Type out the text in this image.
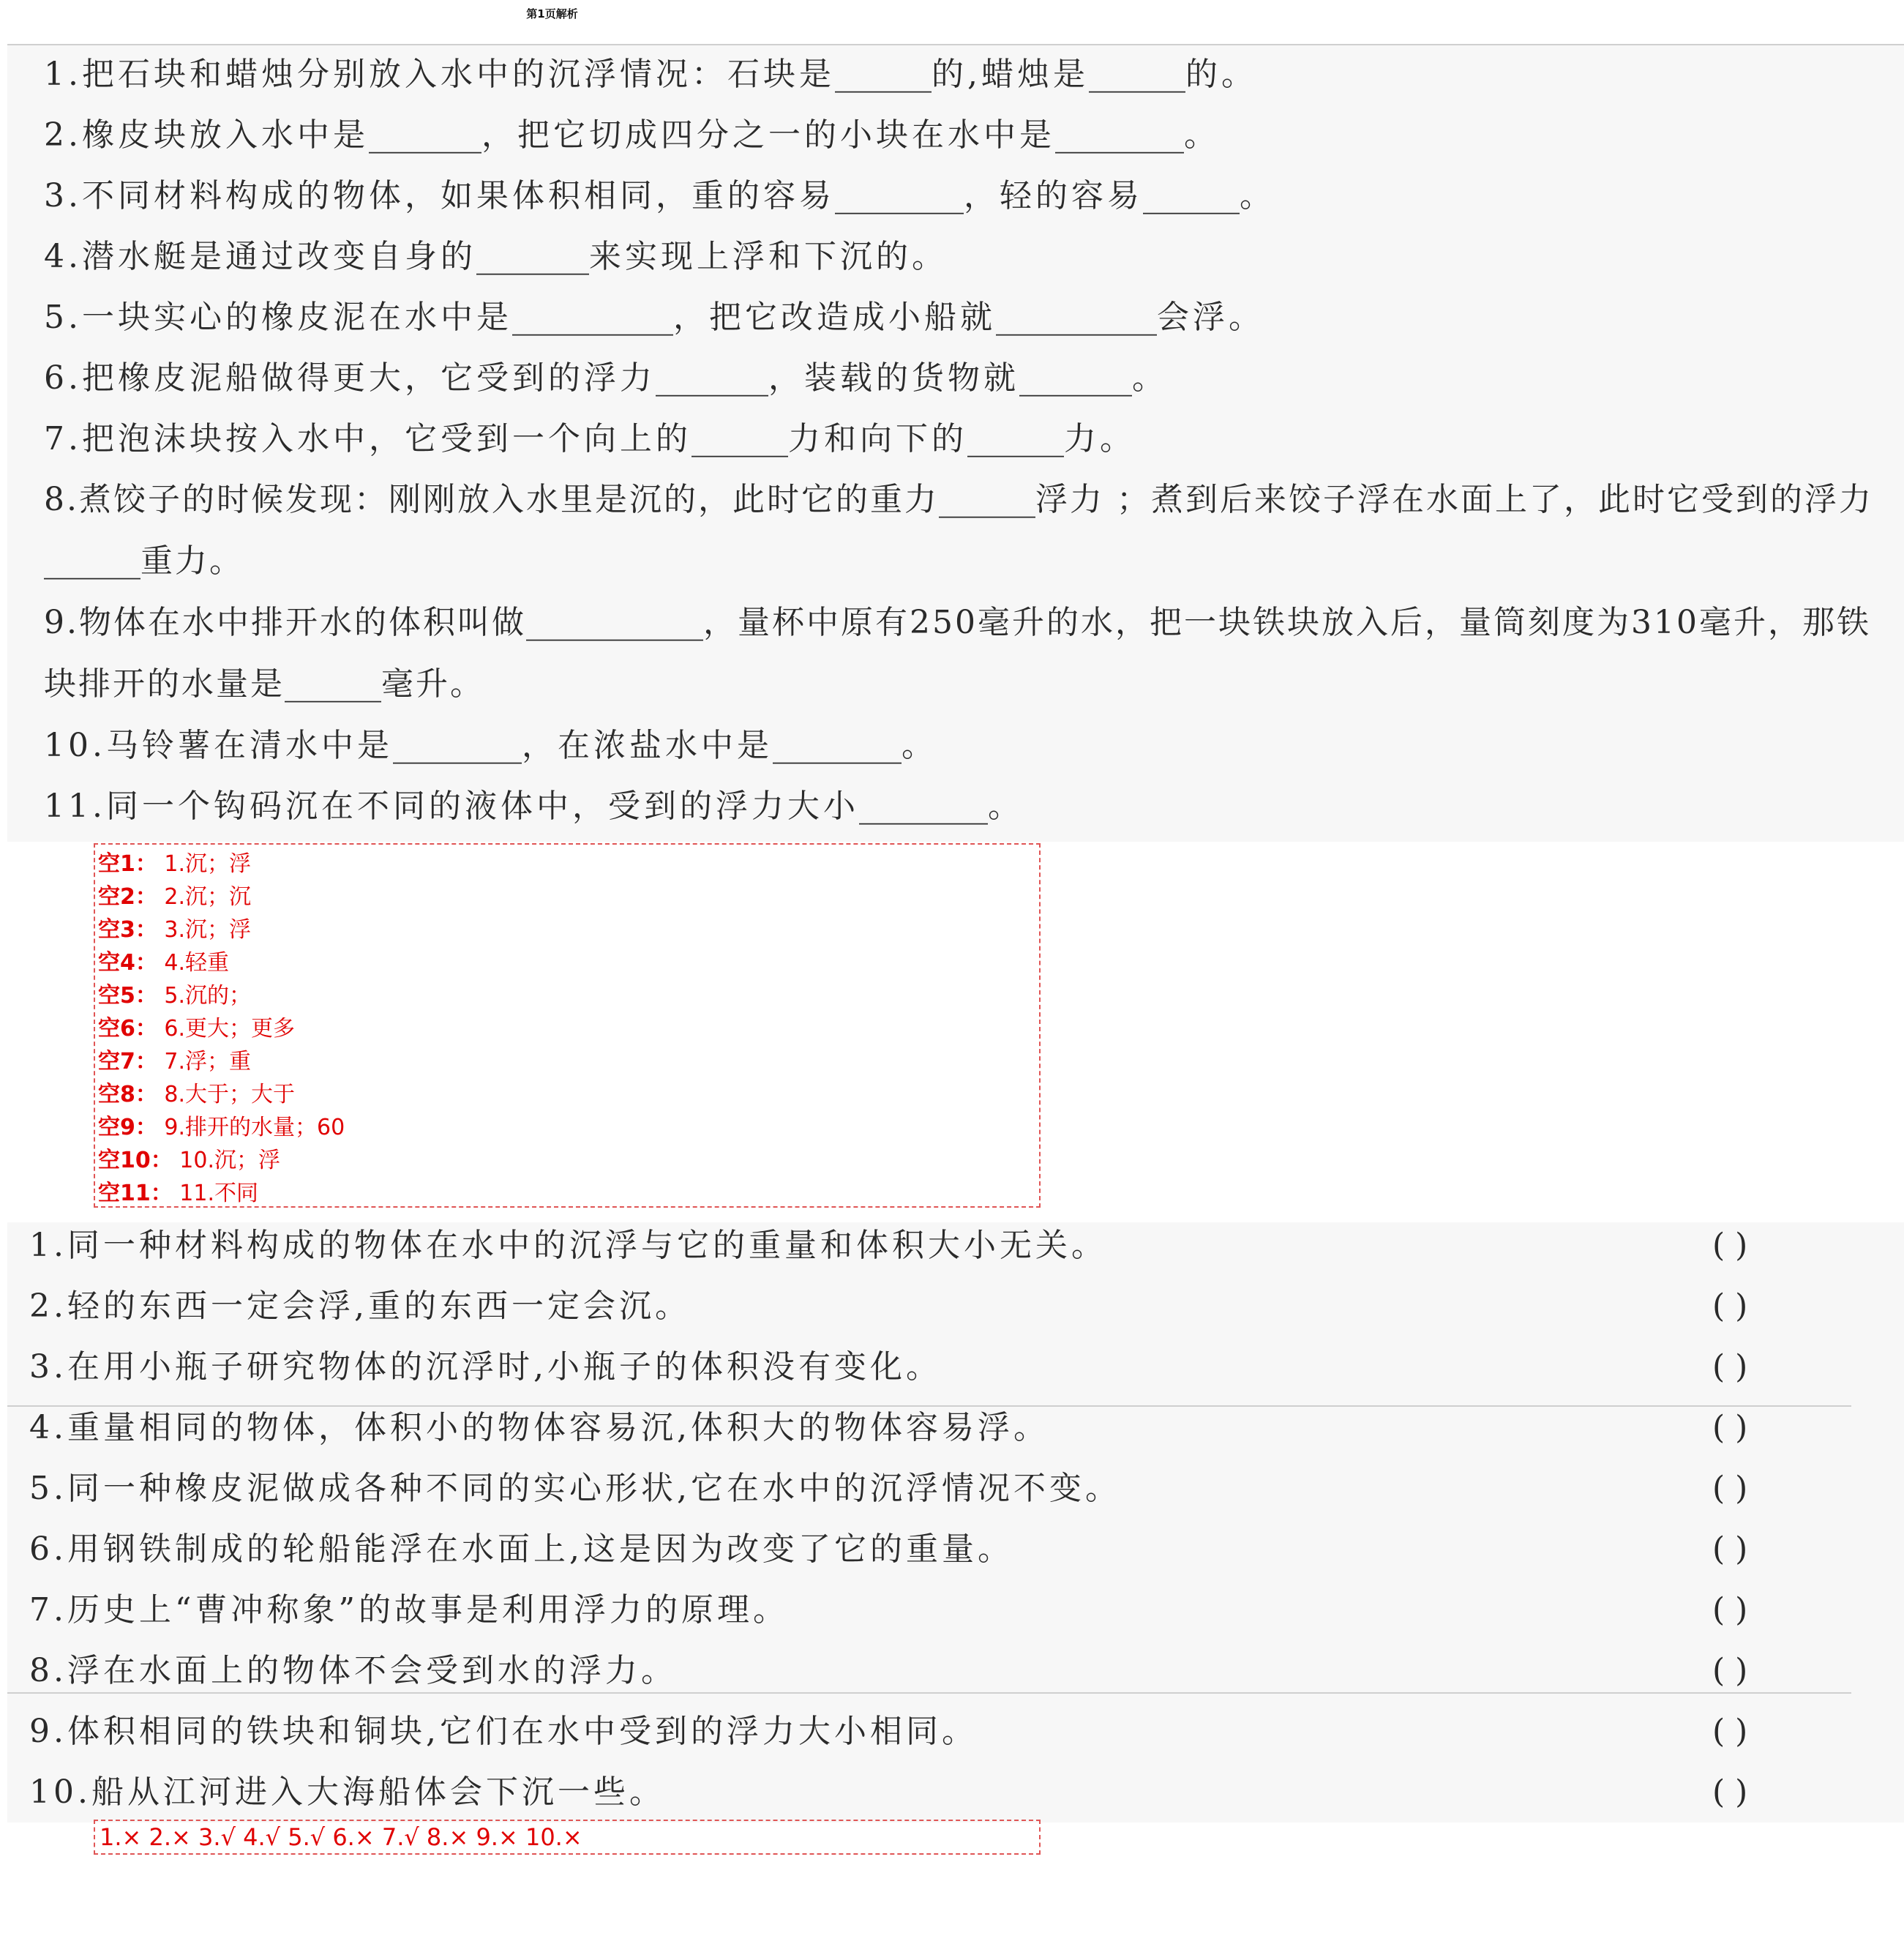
第1页解析

1.把石块和蜡烛分别放入水中的沉浮情况：石块是______的,蜡烛是______的。

2.橡皮块放入水中是_______，把它切成四分之一的小块在水中是________。

3.不同材料构成的物体，如果体积相同，重的容易________，轻的容易______。

4.潜水艇是通过改变自身的_______来实现上浮和下沉的。

5.一块实心的橡皮泥在水中是__________，把它改造成小船就__________会浮。

6.把橡皮泥船做得更大，它受到的浮力_______，装载的货物就_______。

7.把泡沫块按入水中，它受到一个向上的______力和向下的______力。

8.煮饺子的时候发现：刚刚放入水里是沉的，此时它的重力______浮力 ；煮到后来饺子浮在水面上了，此时它受到的浮力______重力。

9.物体在水中排开水的体积叫做___________，量杯中原有250毫升的水，把一块铁块放入后，量筒刻度为310毫升，那铁块排开的水量是______毫升。

10.马铃薯在清水中是________，在浓盐水中是________。

11.同一个钩码沉在不同的液体中，受到的浮力大小________。

空1： 1.沉；浮
空2： 2.沉；沉
空3： 3.沉；浮
空4： 4.轻重
空5： 5.沉的；
空6： 6.更大；更多
空7： 7.浮；重
空8： 8.大于；大于
空9： 9.排开的水量；60
空10： 10.沉；浮
空11： 11.不同
1.同一种材料构成的物体在水中的沉浮与它的重量和体积大小无关。	( )
2.轻的东西一定会浮,重的东西一定会沉。	( )
3.在用小瓶子研究物体的沉浮时,小瓶子的体积没有变化。	( )
4.重量相同的物体，体积小的物体容易沉,体积大的物体容易浮。	( )
5.同一种橡皮泥做成各种不同的实心形状,它在水中的沉浮情况不变。	( )
6.用钢铁制成的轮船能浮在水面上,这是因为改变了它的重量。	( )
7.历史上“曹冲称象”的故事是利用浮力的原理。	( )
8.浮在水面上的物体不会受到水的浮力。	( )
9.体积相同的铁块和铜块,它们在水中受到的浮力大小相同。	( )
10.船从江河进入大海船体会下沉一些。	( )
1.× 2.× 3.√ 4.√ 5.√ 6.× 7.√ 8.× 9.× 10.×
